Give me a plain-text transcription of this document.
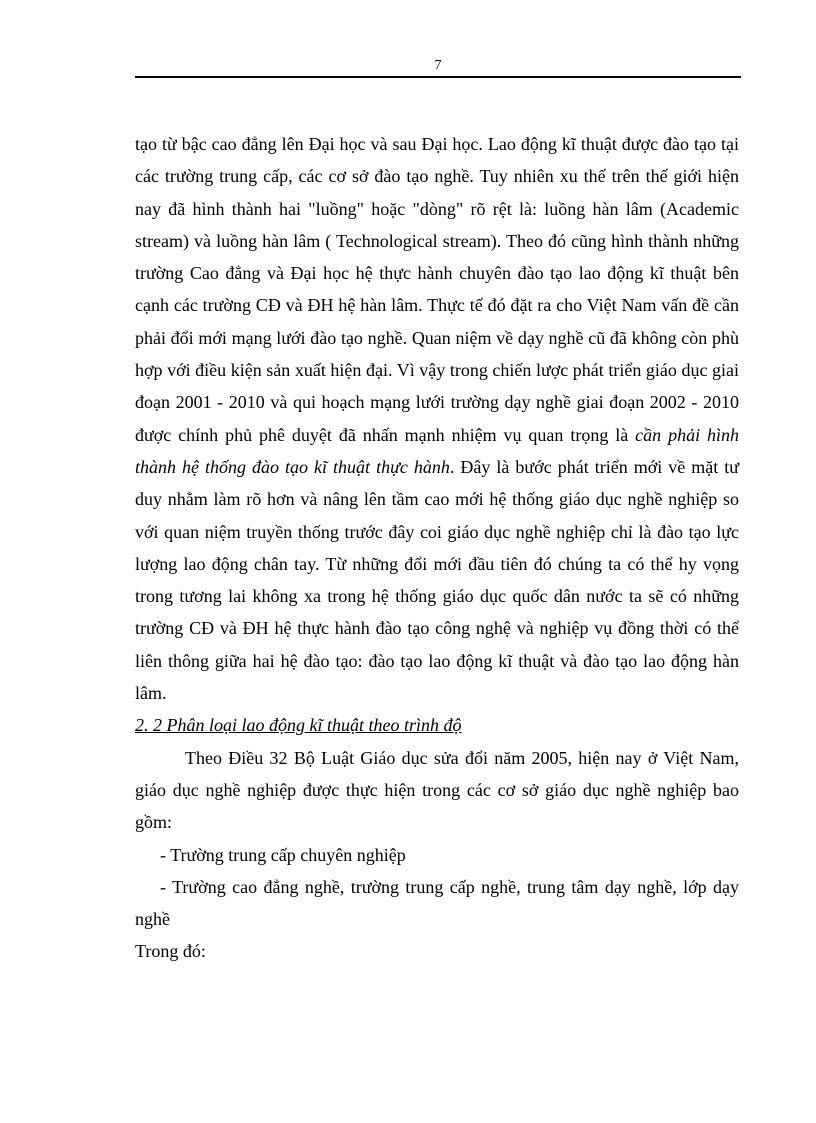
7

tạo từ bậc cao đẳng lên Đại học và sau Đại học. Lao động kĩ thuật được đào tạo tại các trường trung cấp, các cơ sở đào tạo nghề. Tuy nhiên xu thế trên thế giới hiện nay đã hình thành hai "luồng" hoặc "dòng" rõ rệt là: luồng hàn lâm (Academic stream) và luồng hàn lâm ( Technological stream). Theo đó cũng hình thành những trường Cao đẳng và Đại học hệ thực hành chuyên đào tạo lao động kĩ thuật bên cạnh các trường CĐ và ĐH hệ hàn lâm. Thực tế đó đặt ra cho Việt Nam vấn đề cần phải đổi mới mạng lưới đào tạo nghề. Quan niệm về dạy nghề cũ đã không còn phù hợp với điều kiện sản xuất hiện đại. Vì vậy trong chiến lược phát triển giáo dục giai đoạn 2001 - 2010 và qui hoạch mạng lưới trường dạy nghề giai đoạn 2002 - 2010 được chính phủ phê duyệt đã nhấn mạnh nhiệm vụ quan trọng là cần phải hình thành hệ thống đào tạo kĩ thuật thực hành. Đây là bước phát triển mới về mặt tư duy nhằm làm rõ hơn và nâng lên tầm cao mới hệ thống giáo dục nghề nghiệp so với quan niệm truyền thống trước đây coi giáo dục nghề nghiệp chỉ là đào tạo lực lượng lao động chân tay. Từ những đổi mới đầu tiên đó chúng ta có thể hy vọng trong tương lai không xa trong hệ thống giáo dục quốc dân nước ta sẽ có những trường CĐ và ĐH hệ thực hành đào tạo công nghệ và nghiệp vụ đồng thời có thể liên thông giữa hai hệ đào tạo: đào tạo lao động kĩ thuật và đào tạo lao động hàn lâm.

2. 2 Phân loại lao động kĩ thuật theo trình độ

Theo Điều 32 Bộ Luật Giáo dục sửa đổi năm 2005, hiện nay ở Việt Nam, giáo dục nghề nghiệp được thực hiện trong các cơ sở giáo dục nghề nghiệp bao gồm:

- Trường trung cấp chuyên nghiệp

- Trường cao đẳng nghề, trường trung cấp nghề, trung tâm dạy nghề, lớp dạy nghề

Trong đó:
